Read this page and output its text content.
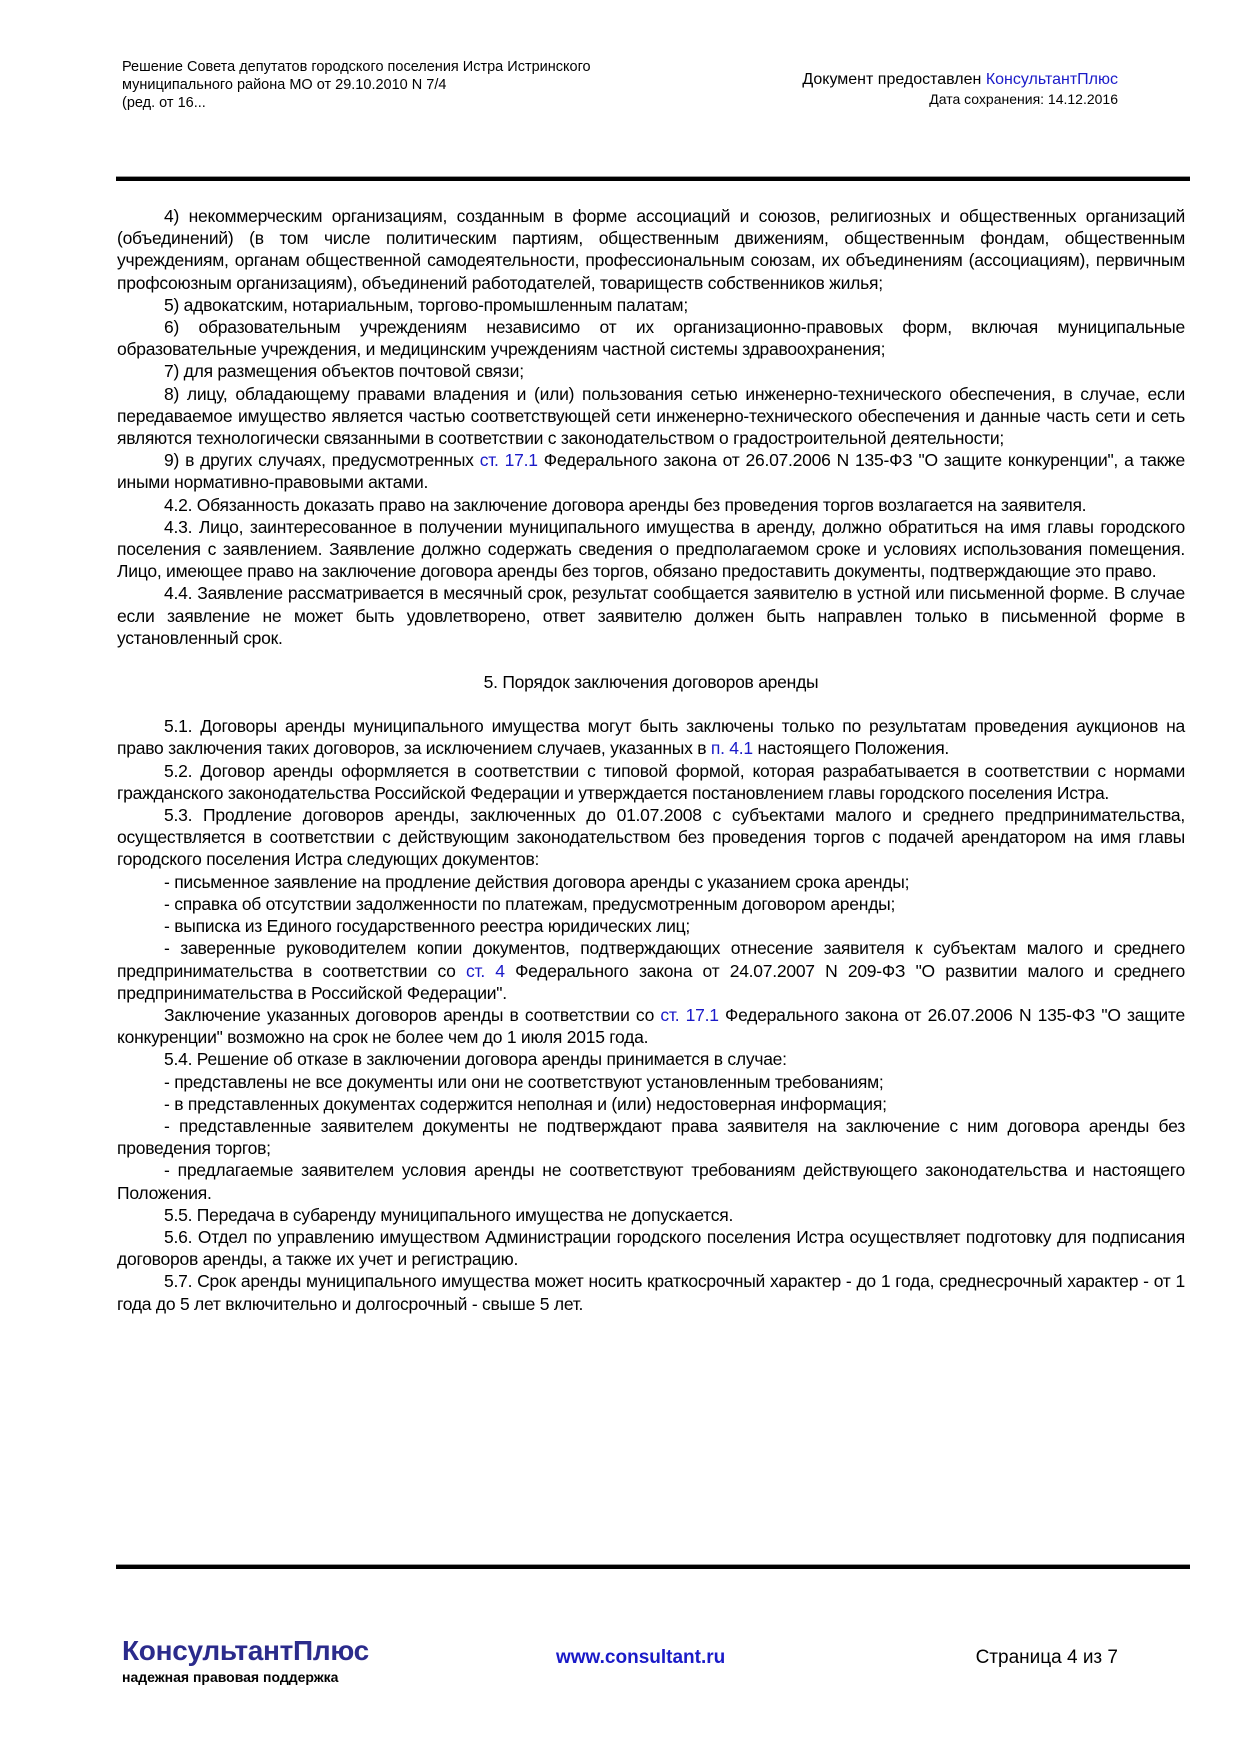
Решение Совета депутатов городского поселения Истра Истринского
муниципального района МО от 29.10.2010 N 7/4
(ред. от 16...
Документ предоставлен КонсультантПлюс
Дата сохранения: 14.12.2016

4) некоммерческим организациям, созданным в форме ассоциаций и союзов, религиозных и общественных организаций (объединений) (в том числе политическим партиям, общественным движениям, общественным фондам, общественным учреждениям, органам общественной самодеятельности, профессиональным союзам, их объединениям (ассоциациям), первичным профсоюзным организациям), объединений работодателей, товариществ собственников жилья;

5) адвокатским, нотариальным, торгово-промышленным палатам;

6) образовательным учреждениям независимо от их организационно-правовых форм, включая муниципальные образовательные учреждения, и медицинским учреждениям частной системы здравоохранения;

7) для размещения объектов почтовой связи;

8) лицу, обладающему правами владения и (или) пользования сетью инженерно-технического обеспечения, в случае, если передаваемое имущество является частью соответствующей сети инженерно-технического обеспечения и данные часть сети и сеть являются технологически связанными в соответствии с законодательством о градостроительной деятельности;

9) в других случаях, предусмотренных ст. 17.1 Федерального закона от 26.07.2006 N 135-ФЗ "О защите конкуренции", а также иными нормативно-правовыми актами.

4.2. Обязанность доказать право на заключение договора аренды без проведения торгов возлагается на заявителя.

4.3. Лицо, заинтересованное в получении муниципального имущества в аренду, должно обратиться на имя главы городского поселения с заявлением. Заявление должно содержать сведения о предполагаемом сроке и условиях использования помещения. Лицо, имеющее право на заключение договора аренды без торгов, обязано предоставить документы, подтверждающие это право.

4.4. Заявление рассматривается в месячный срок, результат сообщается заявителю в устной или письменной форме. В случае если заявление не может быть удовлетворено, ответ заявителю должен быть направлен только в письменной форме в установленный срок.

5. Порядок заключения договоров аренды

5.1. Договоры аренды муниципального имущества могут быть заключены только по результатам проведения аукционов на право заключения таких договоров, за исключением случаев, указанных в п. 4.1 настоящего Положения.

5.2. Договор аренды оформляется в соответствии с типовой формой, которая разрабатывается в соответствии с нормами гражданского законодательства Российской Федерации и утверждается постановлением главы городского поселения Истра.

5.3. Продление договоров аренды, заключенных до 01.07.2008 с субъектами малого и среднего предпринимательства, осуществляется в соответствии с действующим законодательством без проведения торгов с подачей арендатором на имя главы городского поселения Истра следующих документов:

- письменное заявление на продление действия договора аренды с указанием срока аренды;

- справка об отсутствии задолженности по платежам, предусмотренным договором аренды;

- выписка из Единого государственного реестра юридических лиц;

- заверенные руководителем копии документов, подтверждающих отнесение заявителя к субъектам малого и среднего предпринимательства в соответствии со ст. 4 Федерального закона от 24.07.2007 N 209-ФЗ "О развитии малого и среднего предпринимательства в Российской Федерации".

Заключение указанных договоров аренды в соответствии со ст. 17.1 Федерального закона от 26.07.2006 N 135-ФЗ "О защите конкуренции" возможно на срок не более чем до 1 июля 2015 года.

5.4. Решение об отказе в заключении договора аренды принимается в случае:

- представлены не все документы или они не соответствуют установленным требованиям;

- в представленных документах содержится неполная и (или) недостоверная информация;

- представленные заявителем документы не подтверждают права заявителя на заключение с ним договора аренды без проведения торгов;

- предлагаемые заявителем условия аренды не соответствуют требованиям действующего законодательства и настоящего Положения.

5.5. Передача в субаренду муниципального имущества не допускается.

5.6. Отдел по управлению имуществом Администрации городского поселения Истра осуществляет подготовку для подписания договоров аренды, а также их учет и регистрацию.

5.7. Срок аренды муниципального имущества может носить краткосрочный характер - до 1 года, среднесрочный характер - от 1 года до 5 лет включительно и долгосрочный - свыше 5 лет.

КонсультантПлюс
надежная правовая поддержка
www.consultant.ru	Страница 4 из 7
